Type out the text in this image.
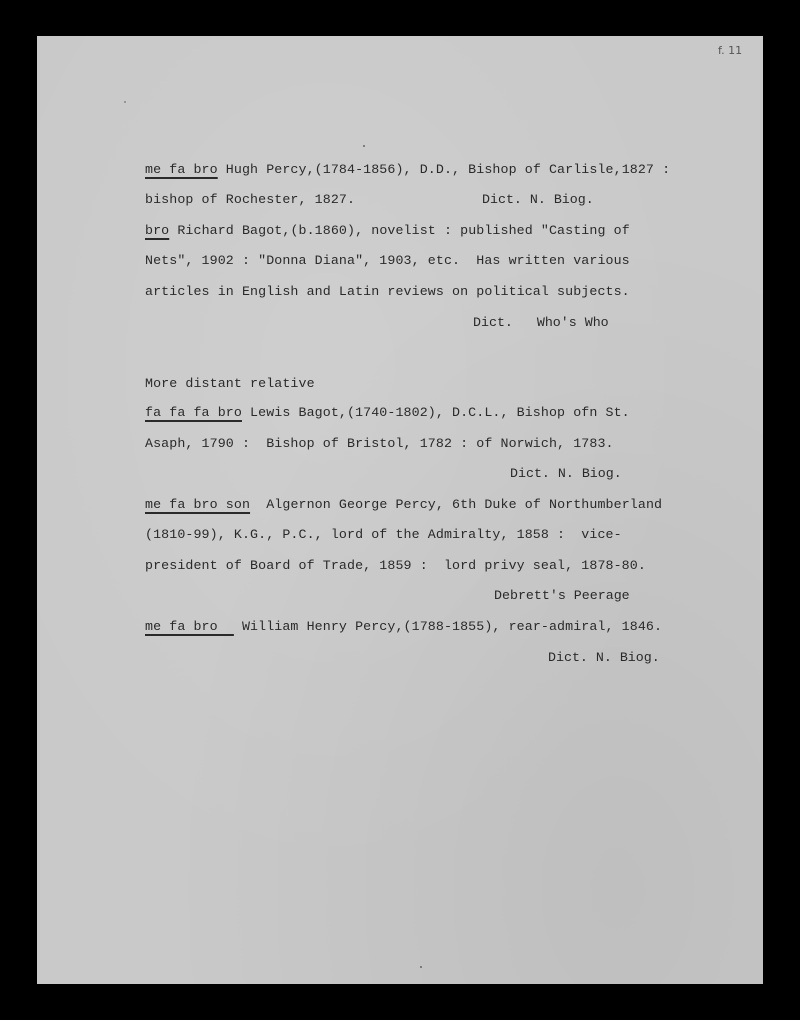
f. 11
me fa bro Hugh Percy,(1784-1856), D.D., Bishop of Carlisle,1827 :
bishop of Rochester, 1827.	Dict. N. Biog.
bro Richard Bagot,(b.1860), novelist : published "Casting of
Nets", 1902 : "Donna Diana", 1903, etc.  Has written various
articles in English and Latin reviews on political subjects.
Dict.   Who's Who
More distant relative
fa fa fa bro Lewis Bagot,(1740-1802), D.C.L., Bishop ofn St.
Asaph, 1790 :  Bishop of Bristol, 1782 : of Norwich, 1783.
Dict. N. Biog.
me fa bro son  Algernon George Percy, 6th Duke of Northumberland
(1810-99), K.G., P.C., lord of the Admiralty, 1858 :  vice-
president of Board of Trade, 1859 :  lord privy seal, 1878-80.
Debrett's Peerage
me fa bro   William Henry Percy,(1788-1855), rear-admiral, 1846.
Dict. N. Biog.
